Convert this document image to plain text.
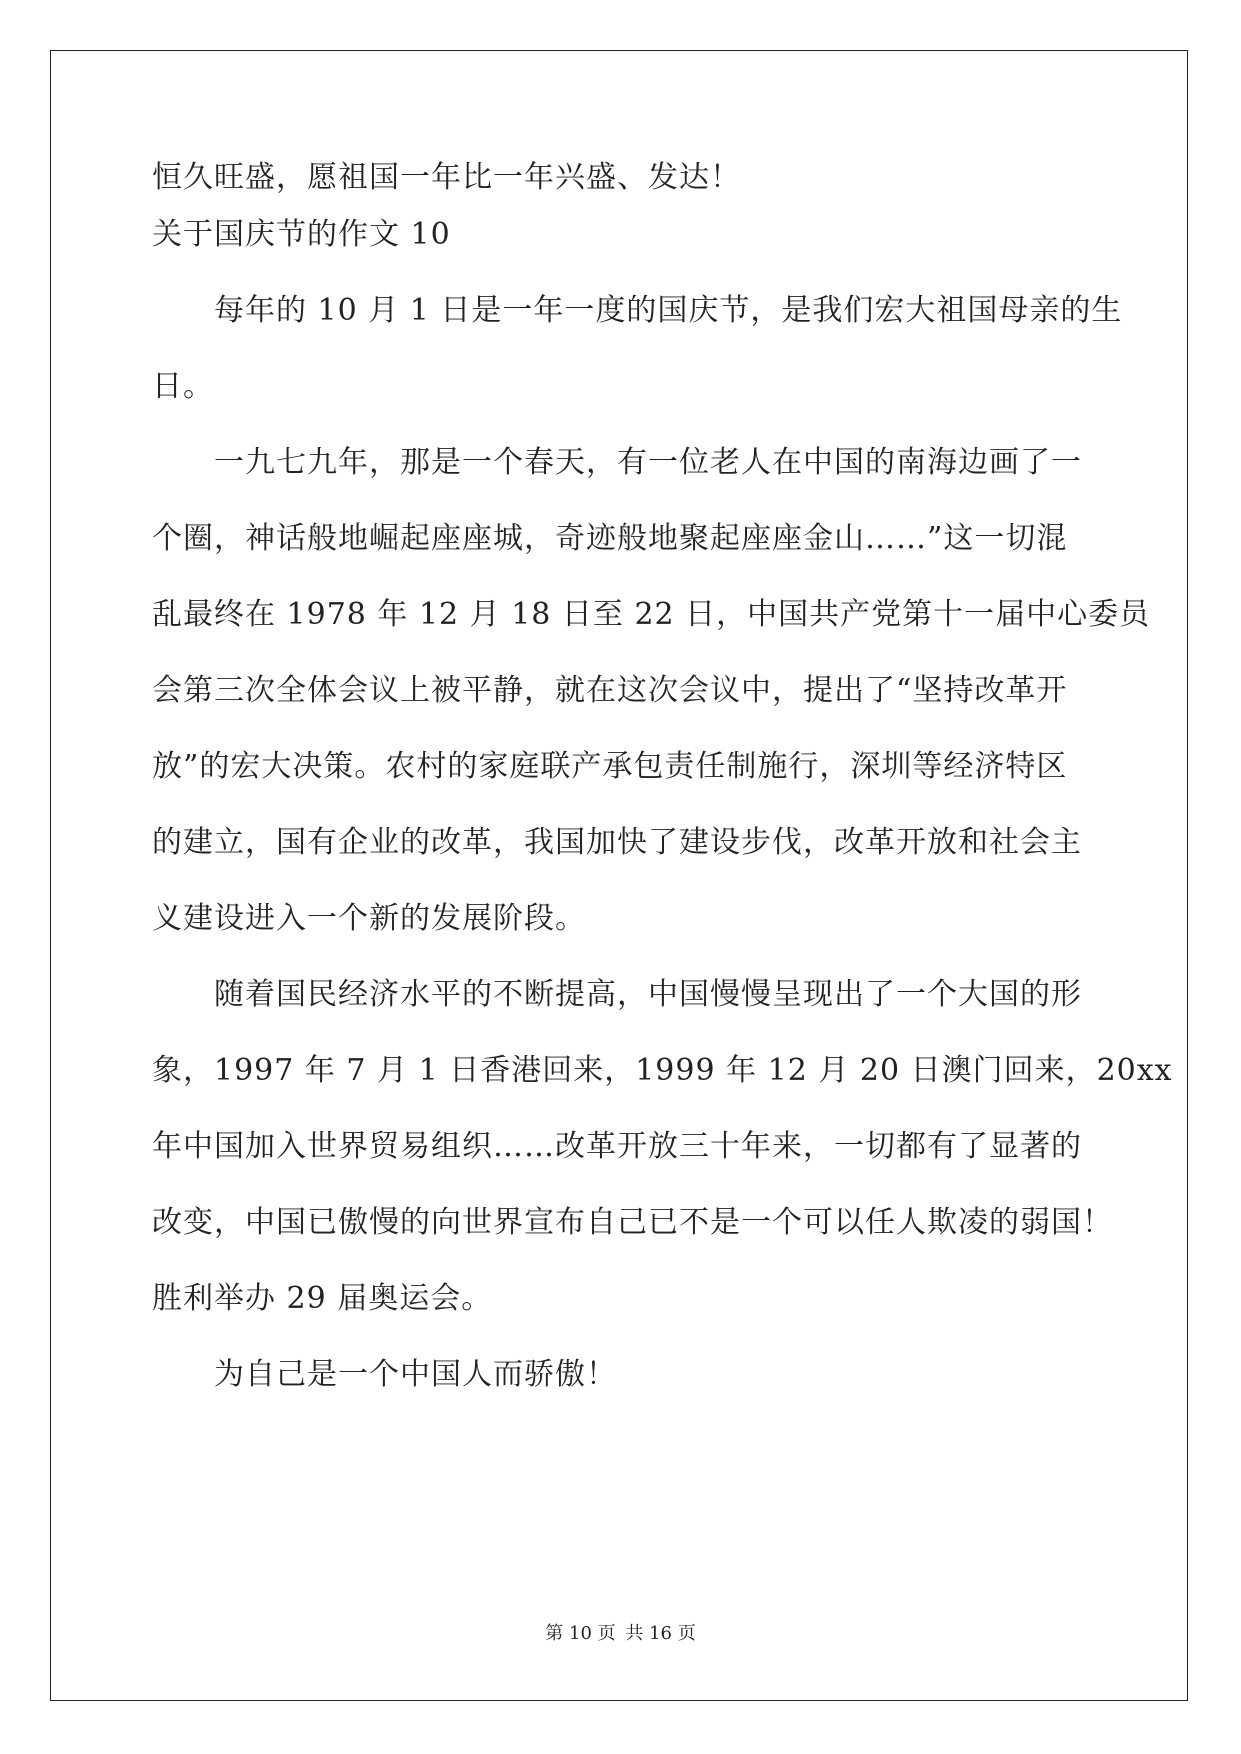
恒久旺盛，愿祖国一年比一年兴盛、发达！
关于国庆节的作文 10
　　每年的 10 月 1 日是一年一度的国庆节，是我们宏大祖国母亲的生
日。
　　一九七九年，那是一个春天，有一位老人在中国的南海边画了一
个圈，神话般地崛起座座城，奇迹般地聚起座座金山……”这一切混
乱最终在 1978 年 12 月 18 日至 22 日，中国共产党第十一届中心委员
会第三次全体会议上被平静，就在这次会议中，提出了“坚持改革开
放”的宏大决策。农村的家庭联产承包责任制施行，深圳等经济特区
的建立，国有企业的改革，我国加快了建设步伐，改革开放和社会主
义建设进入一个新的发展阶段。
　　随着国民经济水平的不断提高，中国慢慢呈现出了一个大国的形
象，1997 年 7 月 1 日香港回来，1999 年 12 月 20 日澳门回来，20xx
年中国加入世界贸易组织……改革开放三十年来，一切都有了显著的
改变，中国已傲慢的向世界宣布自己已不是一个可以任人欺凌的弱国！
胜利举办 29 届奥运会。
　　为自己是一个中国人而骄傲！
第 10 页 共 16 页
